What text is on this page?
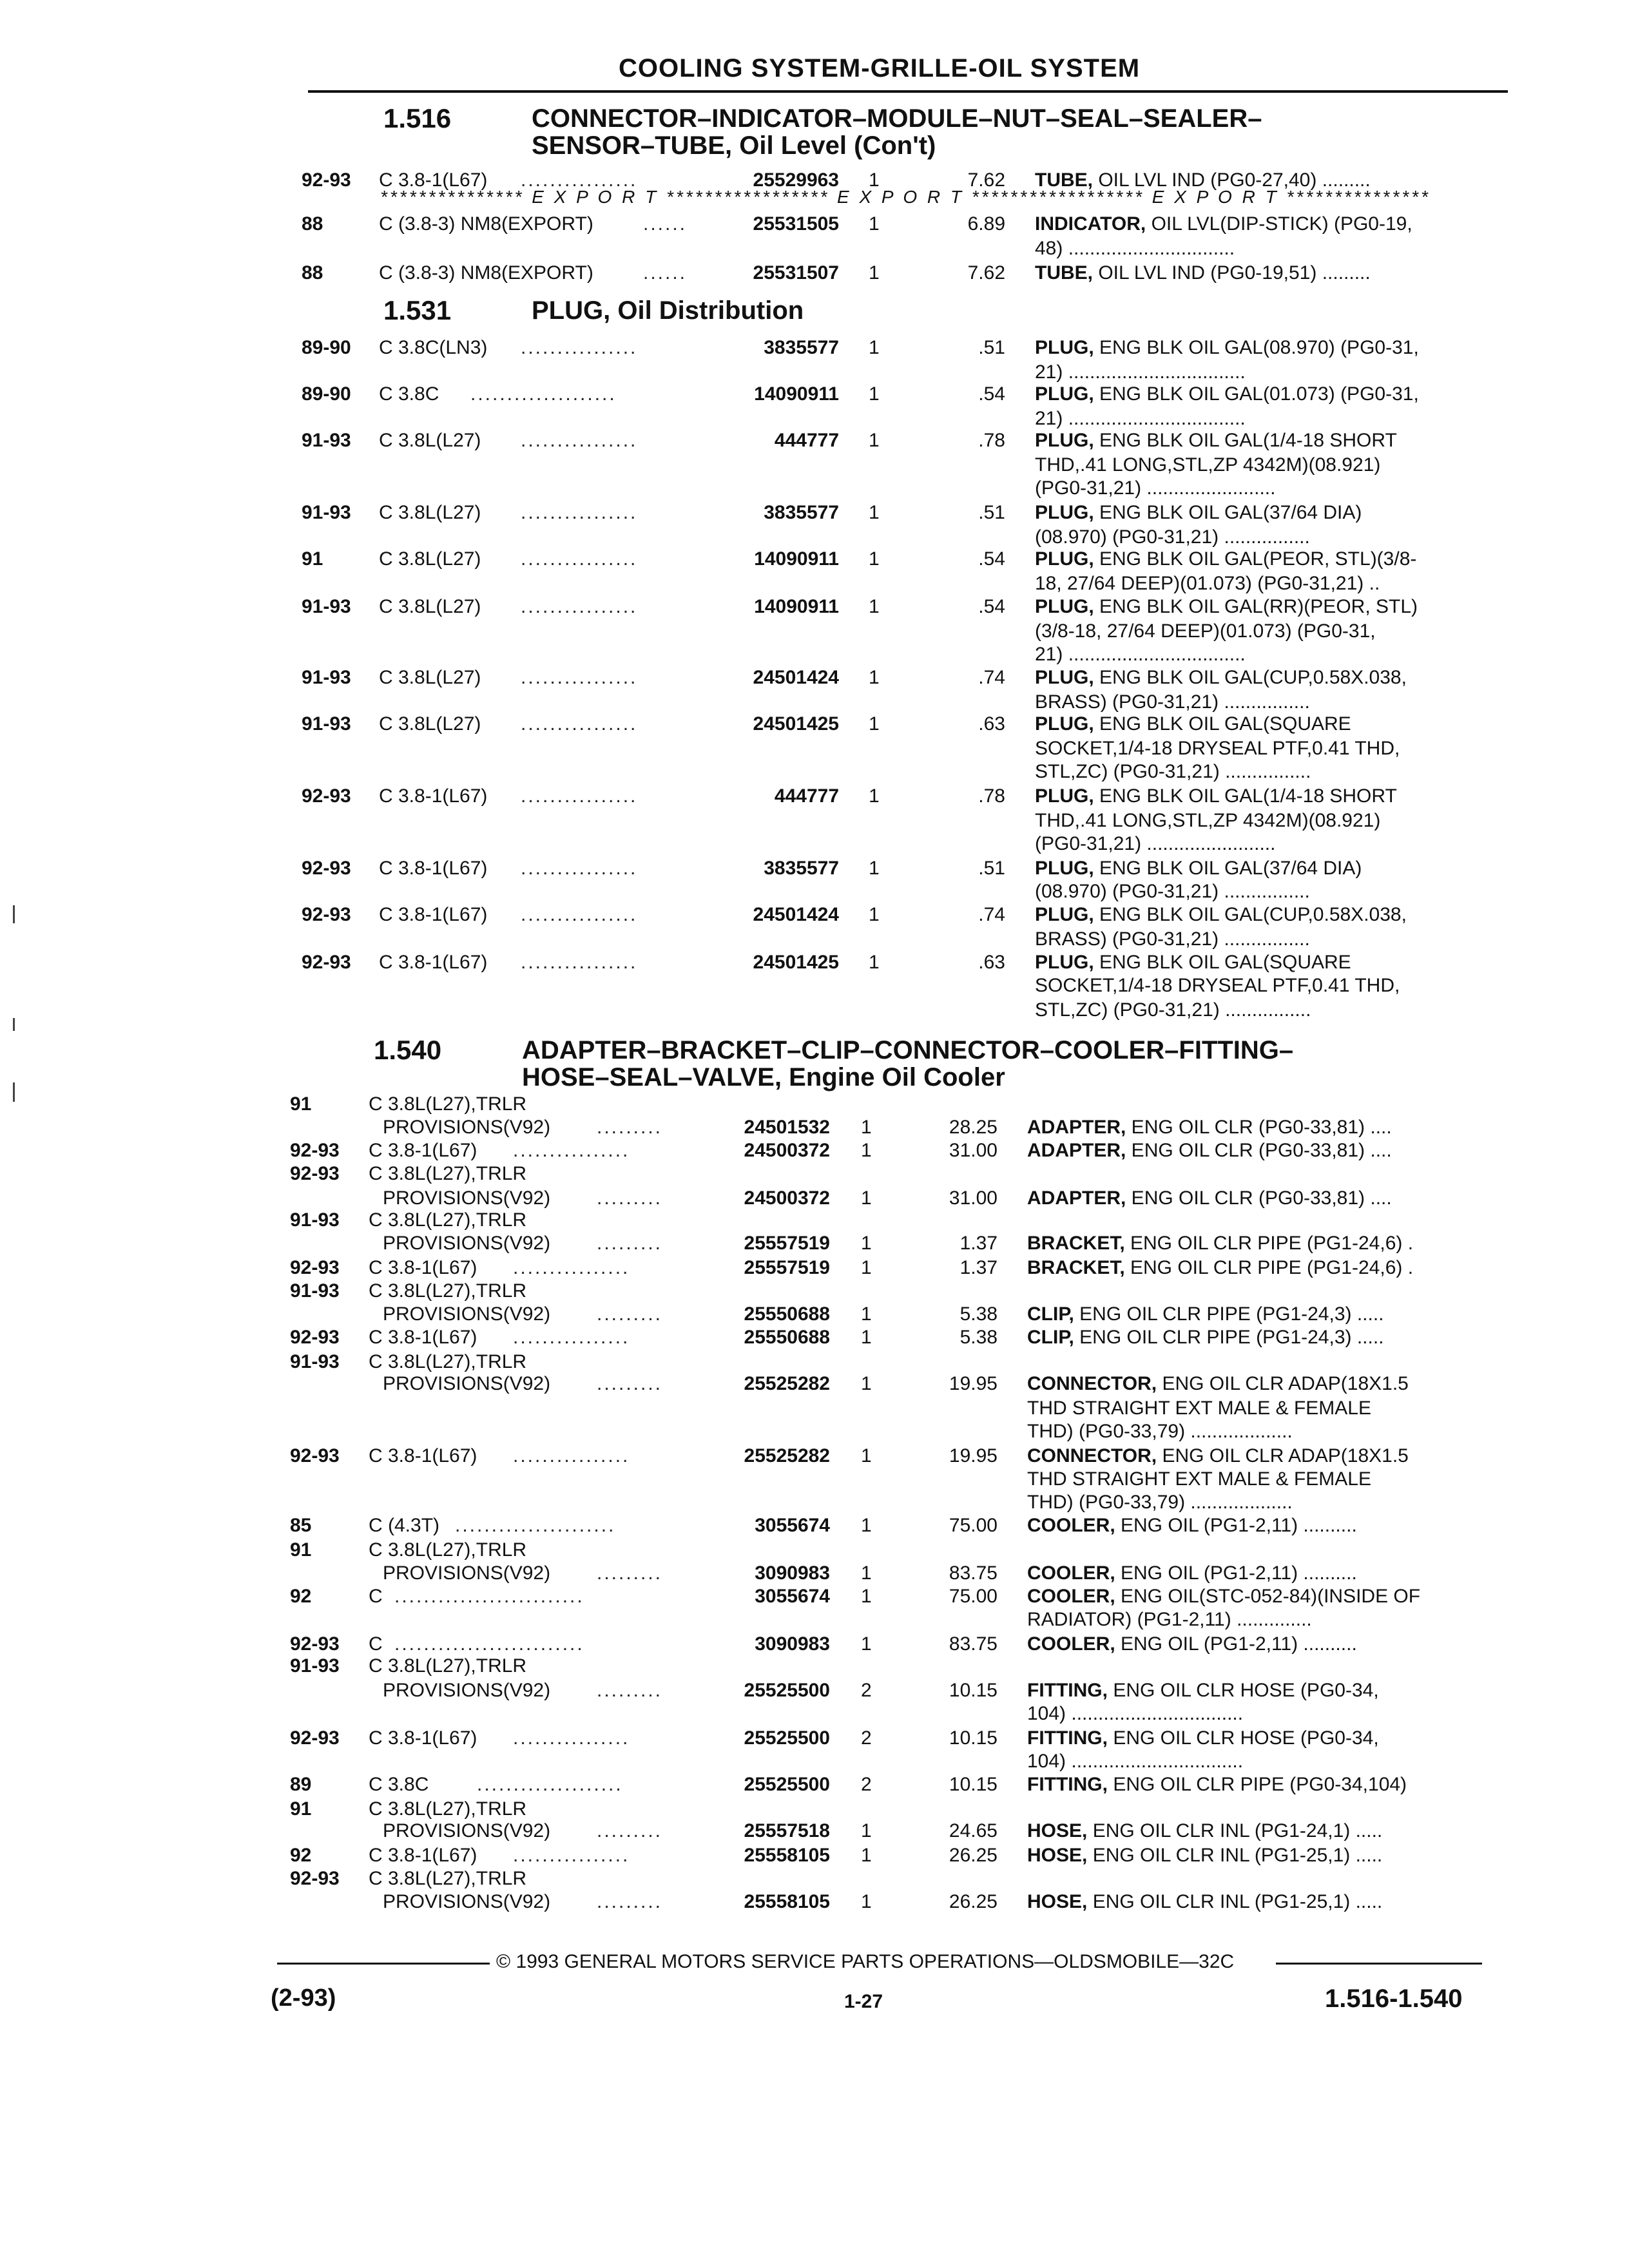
COOLING SYSTEM-GRILLE-OIL SYSTEM
1.516	CONNECTOR–INDICATOR–MODULE–NUT–SEAL–SEALER–
SENSOR–TUBE, Oil Level (Con't)
*************** E X P O R T ***************** E X P O R T ****************** E X P O R T ***************
1.531	PLUG, Oil Distribution
1.540	ADAPTER–BRACKET–CLIP–CONNECTOR–COOLER–FITTING–
HOSE–SEAL–VALVE, Engine Oil Cooler
92-93 C 3.8-1(L67) ................	25529963 1	7.62 TUBE, OIL LVL IND (PG0-27,40) .........
88	C (3.8-3) NM8(EXPORT)	......	25531505 1	6.89 INDICATOR, OIL LVL(DIP-STICK) (PG0-19,
48) ...............................
88	C (3.8-3) NM8(EXPORT)	......	25531507 1	7.62 TUBE, OIL LVL IND (PG0-19,51) .........
89-90 C 3.8C(LN3) ................	3835577 1	.51 PLUG, ENG BLK OIL GAL(08.970) (PG0-31,
21) .................................
89-90 C 3.8C ....................	14090911 1	.54 PLUG, ENG BLK OIL GAL(01.073) (PG0-31,
21) .................................
91-93 C 3.8L(L27) ................	444777 1	.78 PLUG, ENG BLK OIL GAL(1/4-18 SHORT
THD,.41 LONG,STL,ZP 4342M)(08.921)
(PG0-31,21) ........................
91-93 C 3.8L(L27) ................	3835577 1	.51 PLUG, ENG BLK OIL GAL(37/64 DIA)
(08.970) (PG0-31,21) ................
91	C 3.8L(L27) ................	14090911 1	.54 PLUG, ENG BLK OIL GAL(PEOR, STL)(3/8-
18, 27/64 DEEP)(01.073) (PG0-31,21) ..
91-93 C 3.8L(L27) ................	14090911 1	.54 PLUG, ENG BLK OIL GAL(RR)(PEOR, STL)
(3/8-18, 27/64 DEEP)(01.073) (PG0-31,
21) .................................
91-93 C 3.8L(L27) ................	24501424 1	.74 PLUG, ENG BLK OIL GAL(CUP,0.58X.038,
BRASS) (PG0-31,21) ................
91-93 C 3.8L(L27) ................	24501425 1	.63 PLUG, ENG BLK OIL GAL(SQUARE
SOCKET,1/4-18 DRYSEAL PTF,0.41 THD,
STL,ZC) (PG0-31,21) ................
92-93 C 3.8-1(L67) ................	444777 1	.78 PLUG, ENG BLK OIL GAL(1/4-18 SHORT
THD,.41 LONG,STL,ZP 4342M)(08.921)
(PG0-31,21) ........................
92-93 C 3.8-1(L67) ................	3835577 1	.51 PLUG, ENG BLK OIL GAL(37/64 DIA)
(08.970) (PG0-31,21) ................
92-93 C 3.8-1(L67) ................	24501424 1	.74 PLUG, ENG BLK OIL GAL(CUP,0.58X.038,
BRASS) (PG0-31,21) ................
92-93 C 3.8-1(L67) ................	24501425 1	.63 PLUG, ENG BLK OIL GAL(SQUARE
SOCKET,1/4-18 DRYSEAL PTF,0.41 THD,
STL,ZC) (PG0-31,21) ................
91	C 3.8L(L27),TRLR
PROVISIONS(V92) .........	24501532 1	28.25 ADAPTER, ENG OIL CLR (PG0-33,81) ....
92-93 C 3.8-1(L67) ................	24500372 1	31.00 ADAPTER, ENG OIL CLR (PG0-33,81) ....
92-93 C 3.8L(L27),TRLR
PROVISIONS(V92) .........	24500372 1	31.00 ADAPTER, ENG OIL CLR (PG0-33,81) ....
91-93 C 3.8L(L27),TRLR
PROVISIONS(V92) .........	25557519 1	1.37 BRACKET, ENG OIL CLR PIPE (PG1-24,6) .
92-93 C 3.8-1(L67) ................	25557519 1	1.37 BRACKET, ENG OIL CLR PIPE (PG1-24,6) .
91-93 C 3.8L(L27),TRLR
PROVISIONS(V92) .........	25550688 1	5.38 CLIP, ENG OIL CLR PIPE (PG1-24,3) .....
92-93 C 3.8-1(L67) ................	25550688 1	5.38 CLIP, ENG OIL CLR PIPE (PG1-24,3) .....
91-93 C 3.8L(L27),TRLR
PROVISIONS(V92) .........	25525282 1	19.95 CONNECTOR, ENG OIL CLR ADAP(18X1.5
THD STRAIGHT EXT MALE & FEMALE
THD) (PG0-33,79) ...................
92-93 C 3.8-1(L67) ................	25525282 1	19.95 CONNECTOR, ENG OIL CLR ADAP(18X1.5
THD STRAIGHT EXT MALE & FEMALE
THD) (PG0-33,79) ...................
85	C (4.3T) ......................	3055674 1	75.00 COOLER, ENG OIL (PG1-2,11) ..........
91	C 3.8L(L27),TRLR
PROVISIONS(V92) .........	3090983 1	83.75 COOLER, ENG OIL (PG1-2,11) ..........
92	C ..........................	3055674 1	75.00 COOLER, ENG OIL(STC-052-84)(INSIDE OF
RADIATOR) (PG1-2,11) ..............
92-93 C ..........................	3090983 1	83.75 COOLER, ENG OIL (PG1-2,11) ..........
91-93 C 3.8L(L27),TRLR
PROVISIONS(V92) .........	25525500 2	10.15 FITTING, ENG OIL CLR HOSE (PG0-34,
104) ................................
92-93 C 3.8-1(L67) ................	25525500 2	10.15 FITTING, ENG OIL CLR HOSE (PG0-34,
104) ................................
89	C 3.8C ....................	25525500 2	10.15 FITTING, ENG OIL CLR PIPE (PG0-34,104)
91	C 3.8L(L27),TRLR
PROVISIONS(V92) .........	25557518 1	24.65 HOSE, ENG OIL CLR INL (PG1-24,1) .....
92	C 3.8-1(L67) ................	25558105 1	26.25 HOSE, ENG OIL CLR INL (PG1-25,1) .....
92-93 C 3.8L(L27),TRLR
PROVISIONS(V92) .........	25558105 1	26.25 HOSE, ENG OIL CLR INL (PG1-25,1) .....
© 1993 GENERAL MOTORS SERVICE PARTS OPERATIONS—OLDSMOBILE—32C
(2-93)	1-27	1.516-1.540
